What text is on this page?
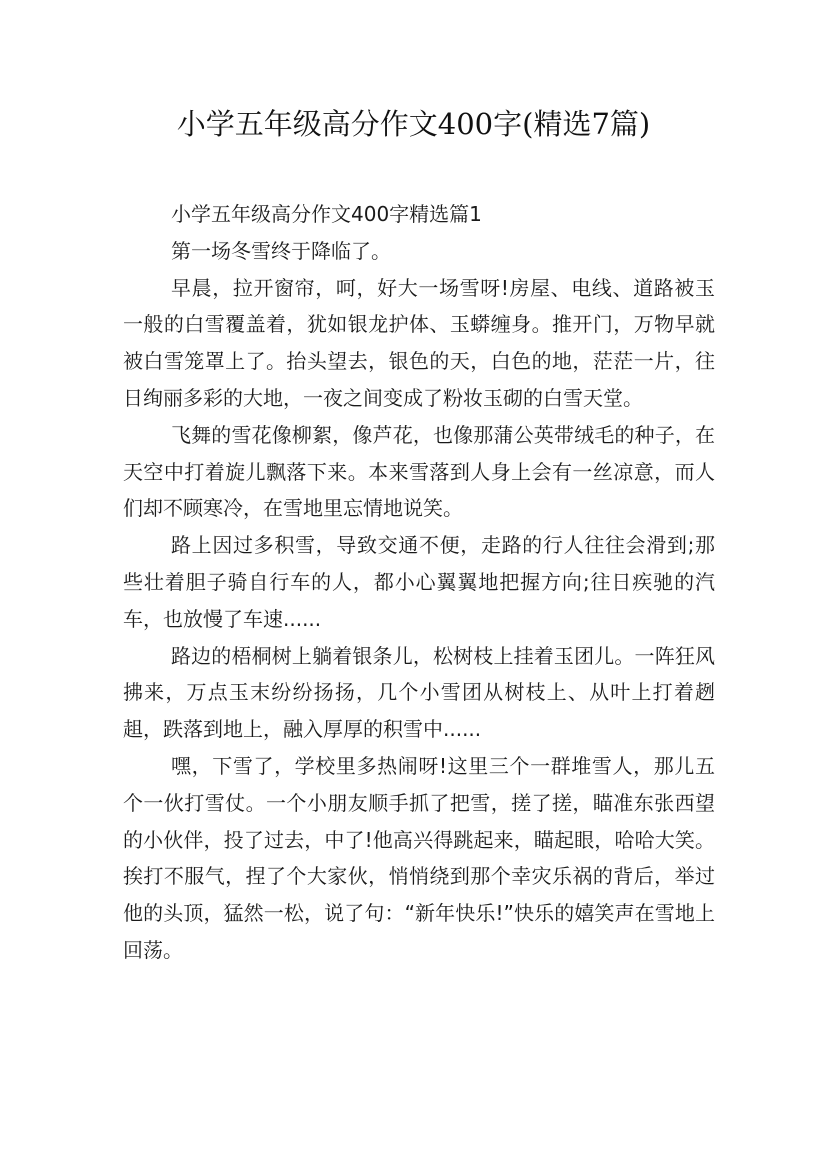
小学五年级高分作文400字(精选7篇)

小学五年级高分作文400字精选篇1

第一场冬雪终于降临了。

早晨，拉开窗帘，呵，好大一场雪呀!房屋、电线、道路被玉一般的白雪覆盖着，犹如银龙护体、玉蟒缠身。推开门，万物早就被白雪笼罩上了。抬头望去，银色的天，白色的地，茫茫一片，往日绚丽多彩的大地，一夜之间变成了粉妆玉砌的白雪天堂。

飞舞的雪花像柳絮，像芦花，也像那蒲公英带绒毛的种子，在天空中打着旋儿飘落下来。本来雪落到人身上会有一丝凉意，而人们却不顾寒冷，在雪地里忘情地说笑。

路上因过多积雪，导致交通不便，走路的行人往往会滑到;那些壮着胆子骑自行车的人，都小心翼翼地把握方向;往日疾驰的汽车，也放慢了车速......

路边的梧桐树上躺着银条儿，松树枝上挂着玉团儿。一阵狂风拂来，万点玉末纷纷扬扬，几个小雪团从树枝上、从叶上打着趔趄，跌落到地上，融入厚厚的积雪中......

嘿，下雪了，学校里多热闹呀!这里三个一群堆雪人，那儿五个一伙打雪仗。一个小朋友顺手抓了把雪，搓了搓，瞄准东张西望的小伙伴，投了过去，中了!他高兴得跳起来，瞄起眼，哈哈大笑。挨打不服气，捏了个大家伙，悄悄绕到那个幸灾乐祸的背后，举过他的头顶，猛然一松，说了句：“新年快乐!”快乐的嬉笑声在雪地上回荡。
